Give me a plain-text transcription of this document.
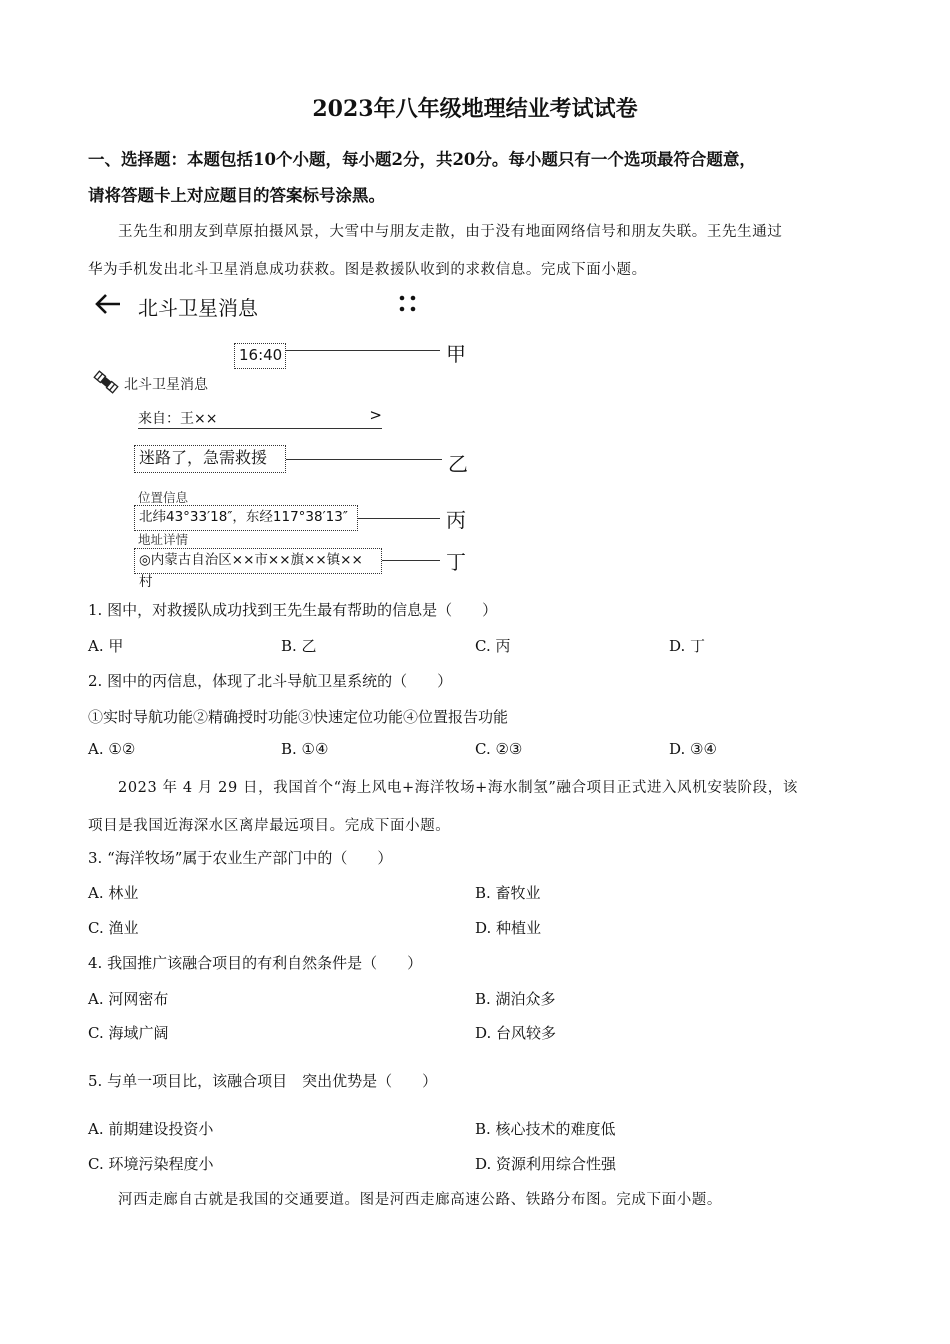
2023年八年级地理结业考试试卷
一、选择题：本题包括10个小题，每小题2分，共20分。每小题只有一个选项最符合题意，
请将答题卡上对应题目的答案标号涂黑。
王先生和朋友到草原拍摄风景，大雪中与朋友走散，由于没有地面网络信号和朋友失联。王先生通过
华为手机发出北斗卫星消息成功获救。图是救援队收到的求救信息。完成下面小题。
北斗卫星消息
16:40	甲
北斗卫星消息
来自：王××	>
迷路了，急需救援	乙
位置信息
北纬43°33′18″，东经117°38′13″	丙
地址详情
◎内蒙古自治区××市××旗××镇×× 村
丁
1. 图中，对救援队成功找到王先生最有帮助的信息是（　　）
A. 甲	B. 乙	C. 丙	D. 丁
2. 图中的丙信息，体现了北斗导航卫星系统的（　　）
①实时导航功能②精确授时功能③快速定位功能④位置报告功能
A. ①②	B. ①④	C. ②③	D. ③④
2023 年 4 月 29 日，我国首个“海上风电+海洋牧场+海水制氢”融合项目正式进入风机安装阶段，该
项目是我国近海深水区离岸最远项目。完成下面小题。
3. “海洋牧场”属于农业生产部门中的（　　）
A. 林业	B. 畜牧业
C. 渔业	D. 种植业
4. 我国推广该融合项目的有利自然条件是（　　）
A. 河网密布	B. 湖泊众多
C. 海域广阔	D. 台风较多
5. 与单一项目比，该融合项目　突出优势是（　　）
A. 前期建设投资小	B. 核心技术的难度低
C. 环境污染程度小	D. 资源利用综合性强
河西走廊自古就是我国的交通要道。图是河西走廊高速公路、铁路分布图。完成下面小题。
